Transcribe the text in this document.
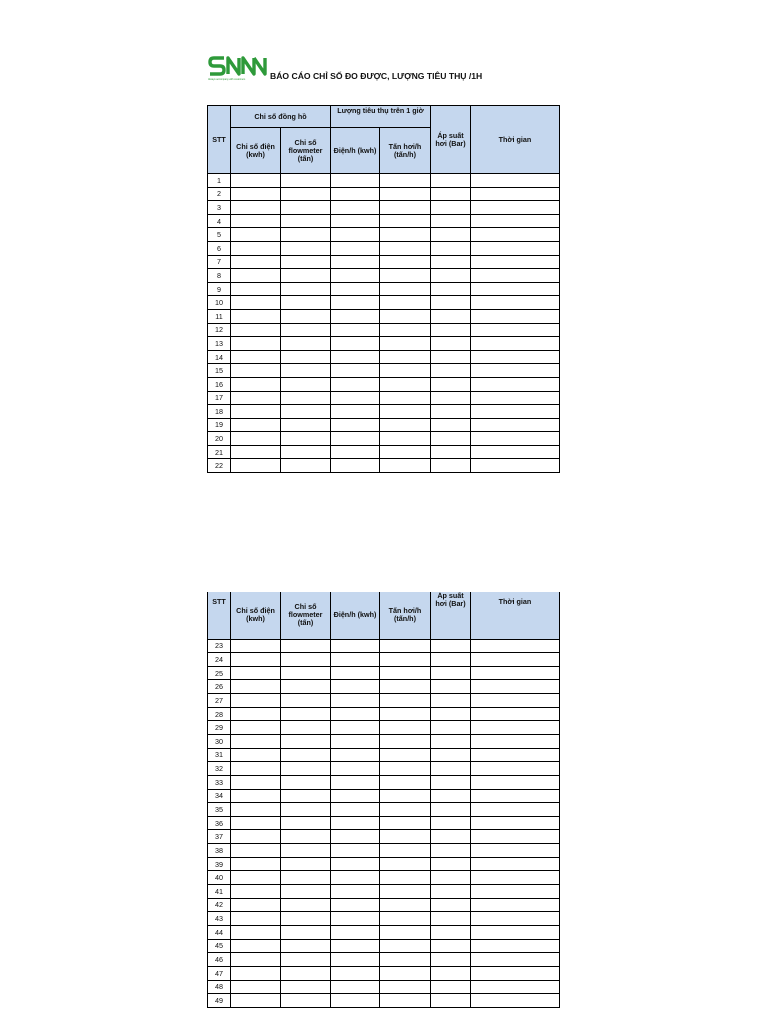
Always accompany with customers	BÁO CÁO CHỈ SỐ ĐO ĐƯỢC, LƯỢNG TIÊU THỤ /1H
STT	Chỉ số đồng hồ		Lượng tiêu thụ trên 1 giờ		Áp suất hơi (Bar)	Thời gian
	Chỉ số điện (kwh)	Chỉ số flowmeter (tấn)	Điện/h (kwh)	Tấn hơi/h (tấn/h)		
1						
2						
3						
4						
5						
6						
7						
8						
9						
10						
11						
12						
13						
14						
15						
16						
17						
18						
19						
20						
21						
22						
STT	Chỉ số điện (kwh)	Chỉ số flowmeter (tấn)	Điện/h (kwh)	Tấn hơi/h (tấn/h)	Áp suất hơi (Bar)	Thời gian
23						
24						
25						
26						
27						
28						
29						
30						
31						
32						
33						
34						
35						
36						
37						
38						
39						
40						
41						
42						
43						
44						
45						
46						
47						
48						
49						
